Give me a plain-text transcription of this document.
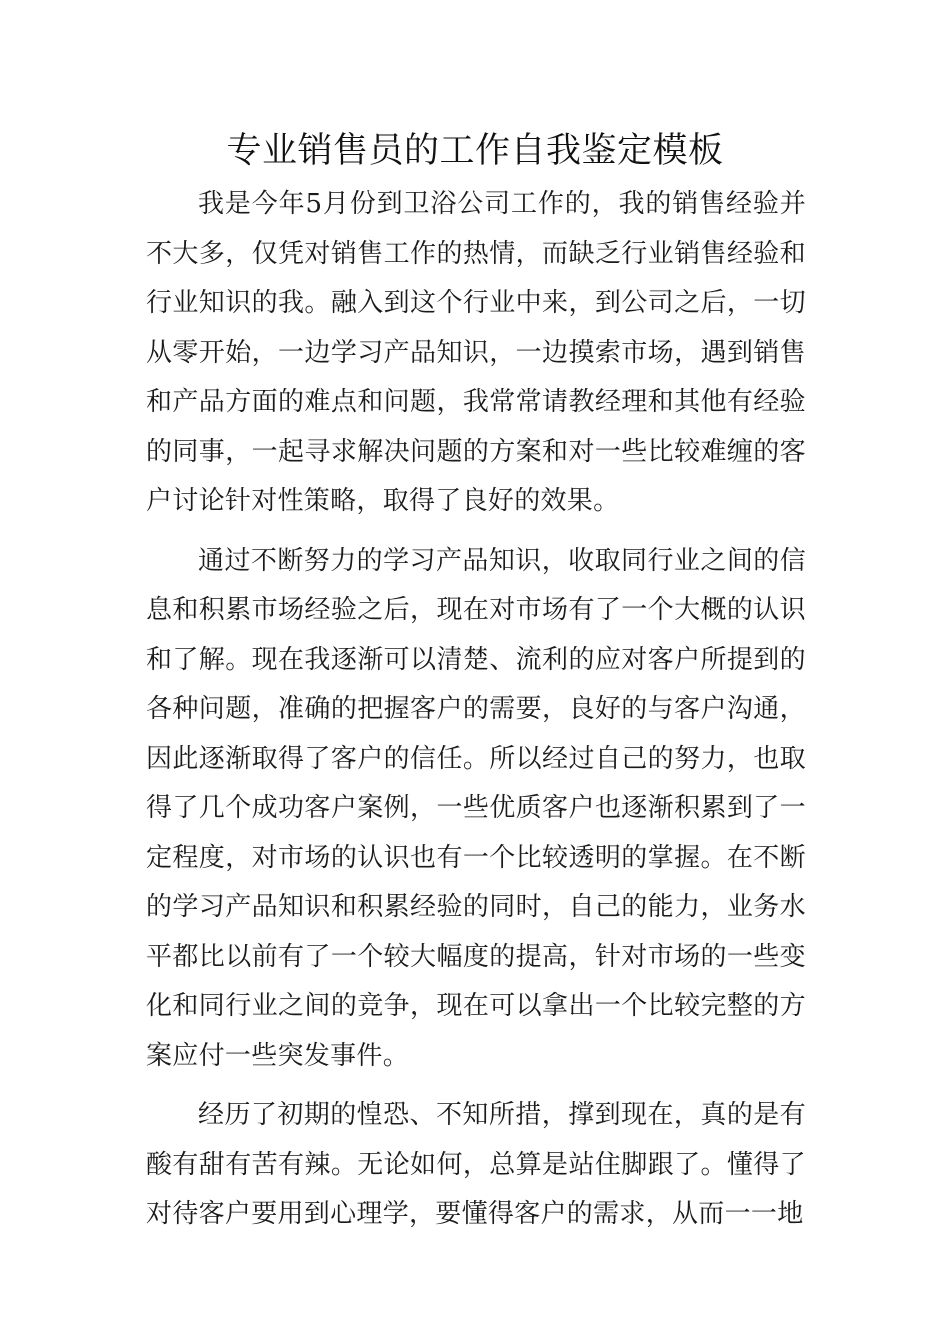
专业销售员的工作自我鉴定模板

我是今年5月份到卫浴公司工作的，我的销售经验并不大多，仅凭对销售工作的热情，而缺乏行业销售经验和行业知识的我。融入到这个行业中来，到公司之后，一切从零开始，一边学习产品知识，一边摸索市场，遇到销售和产品方面的难点和问题，我常常请教经理和其他有经验的同事，一起寻求解决问题的方案和对一些比较难缠的客户讨论针对性策略，取得了良好的效果。

通过不断努力的学习产品知识，收取同行业之间的信息和积累市场经验之后，现在对市场有了一个大概的认识和了解。现在我逐渐可以清楚、流利的应对客户所提到的各种问题，准确的把握客户的需要，良好的与客户沟通，因此逐渐取得了客户的信任。所以经过自己的努力，也取得了几个成功客户案例，一些优质客户也逐渐积累到了一定程度，对市场的认识也有一个比较透明的掌握。在不断的学习产品知识和积累经验的同时，自己的能力，业务水平都比以前有了一个较大幅度的提高，针对市场的一些变化和同行业之间的竞争，现在可以拿出一个比较完整的方案应付一些突发事件。

经历了初期的惶恐、不知所措，撑到现在，真的是有酸有甜有苦有辣。无论如何，总算是站住脚跟了。懂得了对待客户要用到心理学，要懂得客户的需求，从而一一地
